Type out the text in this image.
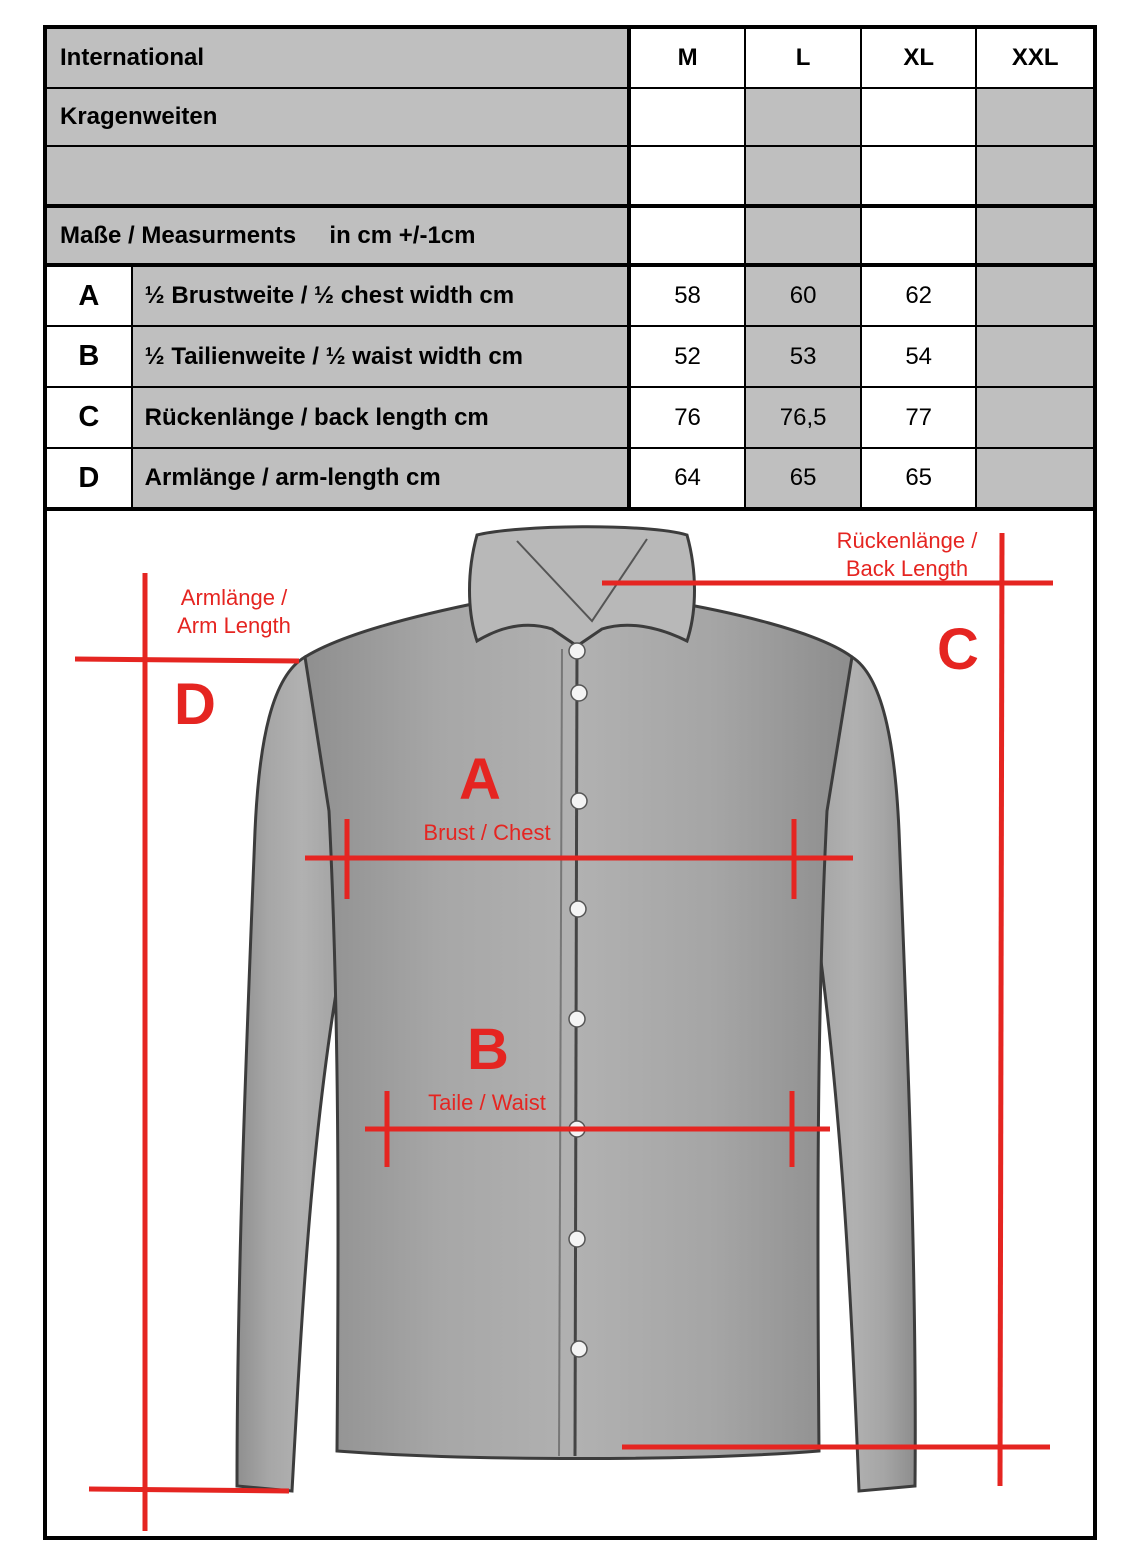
International	M	L	XL	XXL
Kragenweiten
Maße / Measurments     in cm +/-1cm
A	½ Brustweite / ½ chest width cm	58	60	62
B	½ Tailienweite / ½ waist width cm	52	53	54
C	Rückenlänge / back length cm	76	76,5	77
D	Armlänge / arm-length cm	64	65	65
Armlänge /
Arm Length
Rückenlänge /
Back Length
Brust / Chest
Taile / Waist
D
C
A
B
